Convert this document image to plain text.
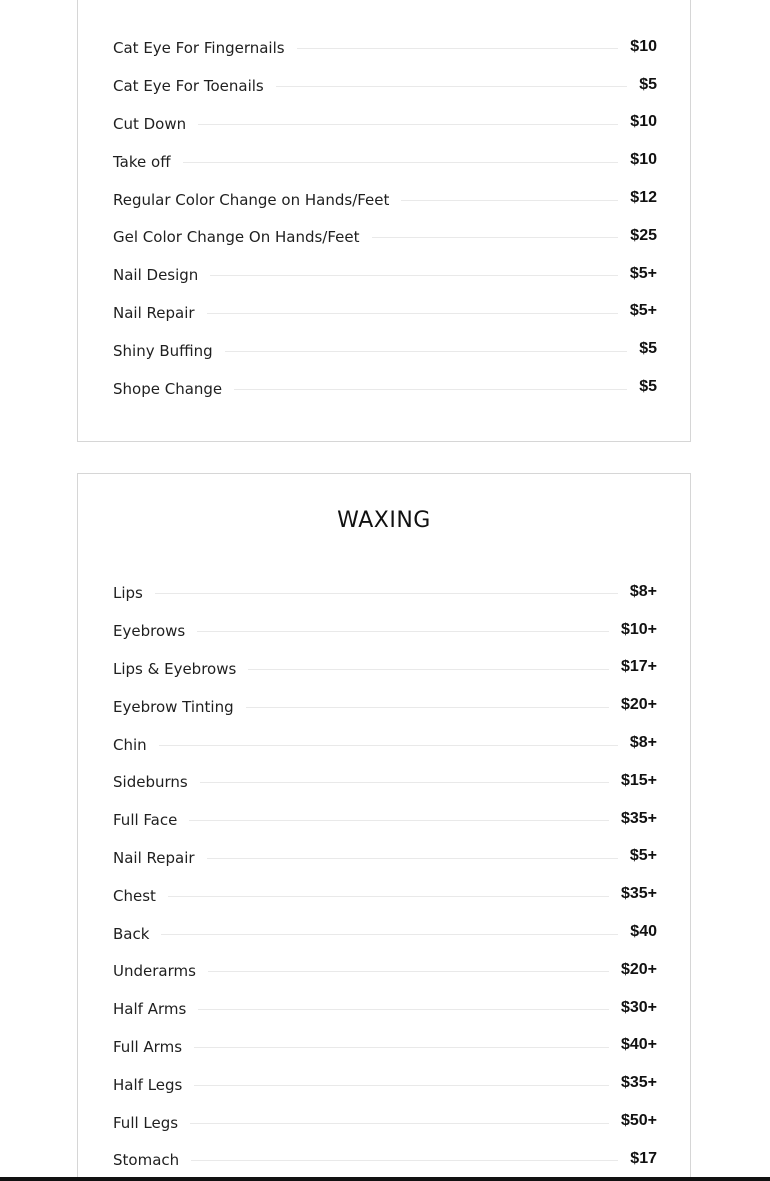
Cat Eye For Fingernails	$10
Cat Eye For Toenails	$5
Cut Down	$10
Take off	$10
Regular Color Change on Hands/Feet	$12
Gel Color Change On Hands/Feet	$25
Nail Design	$5+
Nail Repair	$5+
Shiny Buffing	$5
Shope Change	$5
WAXING
Lips	$8+
Eyebrows	$10+
Lips & Eyebrows	$17+
Eyebrow Tinting	$20+
Chin	$8+
Sideburns	$15+
Full Face	$35+
Nail Repair	$5+
Chest	$35+
Back	$40
Underarms	$20+
Half Arms	$30+
Full Arms	$40+
Half Legs	$35+
Full Legs	$50+
Stomach	$17
